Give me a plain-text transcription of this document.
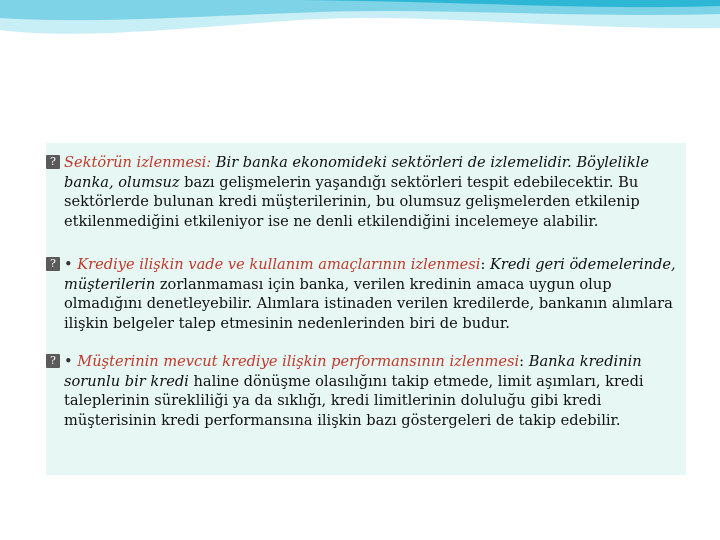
? Sektörün izlenmesi: Bir banka ekonomideki sektörleri de izlemelidir. Böylelikle banka, olumsuz bazı gelişmelerin yaşandığı sektörleri tespit edebilecektir. Bu sektörlerde bulunan kredi müşterilerinin, bu olumsuz gelişmelerden etkilenip etkilenmediğini etkileniyor ise ne denli etkilendiğini incelemeye alabilir.
? • Krediye ilişkin vade ve kullanım amaçlarının izlenmesi: Kredi geri ödemelerinde, müşterilerin zorlanmaması için banka, verilen kredinin amaca uygun olup olmadığını denetleyebilir. Alımlara istinaden verilen kredilerde, bankanın alımlara ilişkin belgeler talep etmesinin nedenlerinden biri de budur.
? • Müşterinin mevcut krediye ilişkin performansının izlenmesi: Banka kredinin sorunlu bir kredi haline dönüşme olasılığını takip etmede, limit aşımları, kredi taleplerinin sürekliliği ya da sıklığı, kredi limitlerinin doluluğu gibi kredi müşterisinin kredi performansına ilişkin bazı göstergeleri de takip edebilir.
